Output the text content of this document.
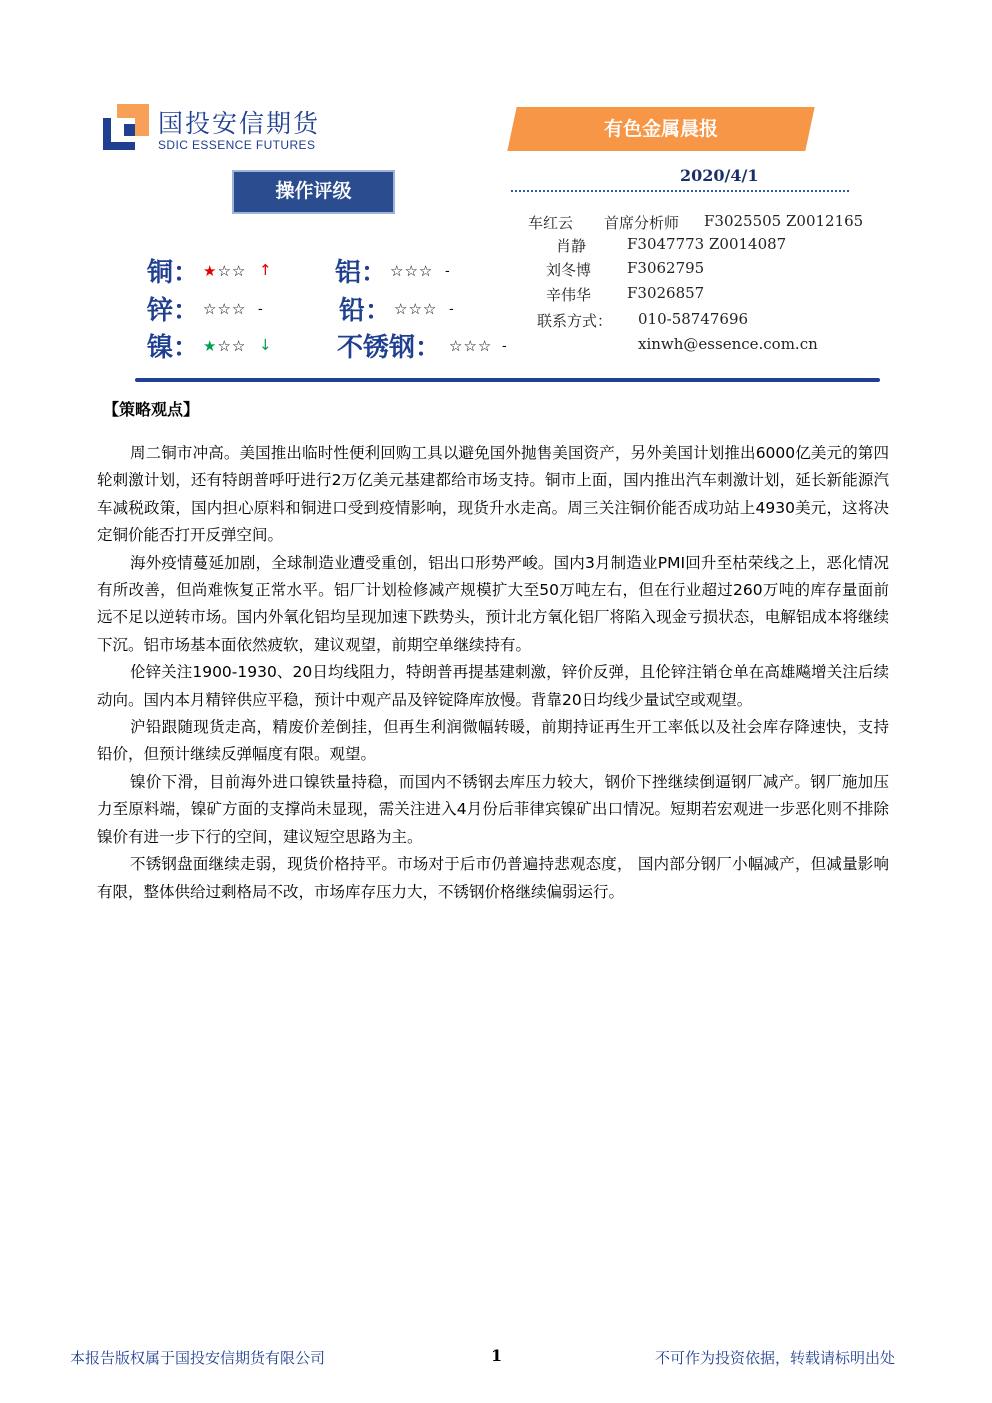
国投安信期货
SDIC ESSENCE FUTURES
有色金属晨报
2020/4/1
操作评级
铜： ★☆☆ ↑ 铝： ☆☆☆ -
锌： ☆☆☆ -	铅： ☆☆☆ -
镍： ★☆☆ ↓	不锈钢： ☆☆☆ -
车红云 首席分析师 F3025505 Z0012165
肖静	F3047773 Z0014087
刘冬博 F3062795
辛伟华 F3026857
联系方式： 010-58747696
xinwh@essence.com.cn
【策略观点】

周二铜市冲高。美国推出临时性便利回购工具以避免国外抛售美国资产，另外美国计划推出6000亿美元的第四轮刺激计划，还有特朗普呼吁进行2万亿美元基建都给市场支持。铜市上面，国内推出汽车刺激计划，延长新能源汽车减税政策，国内担心原料和铜进口受到疫情影响，现货升水走高。周三关注铜价能否成功站上4930美元，这将决定铜价能否打开反弹空间。

海外疫情蔓延加剧，全球制造业遭受重创，铝出口形势严峻。国内3月制造业PMI回升至枯荣线之上，恶化情况有所改善，但尚难恢复正常水平。铝厂计划检修减产规模扩大至50万吨左右，但在行业超过260万吨的库存量面前远不足以逆转市场。国内外氧化铝均呈现加速下跌势头，预计北方氧化铝厂将陷入现金亏损状态，电解铝成本将继续下沉。铝市场基本面依然疲软，建议观望，前期空单继续持有。

伦锌关注1900-1930、20日均线阻力，特朗普再提基建刺激，锌价反弹，且伦锌注销仓单在高雄飚增关注后续动向。国内本月精锌供应平稳，预计中观产品及锌锭降库放慢。背靠20日均线少量试空或观望。

沪铅跟随现货走高，精废价差倒挂，但再生利润微幅转暖，前期持证再生开工率低以及社会库存降速快，支持铅价，但预计继续反弹幅度有限。观望。

镍价下滑，目前海外进口镍铁量持稳，而国内不锈钢去库压力较大，钢价下挫继续倒逼钢厂减产。钢厂施加压力至原料端，镍矿方面的支撑尚未显现，需关注进入4月份后菲律宾镍矿出口情况。短期若宏观进一步恶化则不排除镍价有进一步下行的空间，建议短空思路为主。

不锈钢盘面继续走弱，现货价格持平。市场对于后市仍普遍持悲观态度， 国内部分钢厂小幅减产，但减量影响有限，整体供给过剩格局不改，市场库存压力大，不锈钢价格继续偏弱运行。

本报告版权属于国投安信期货有限公司	1	不可作为投资依据，转载请标明出处
